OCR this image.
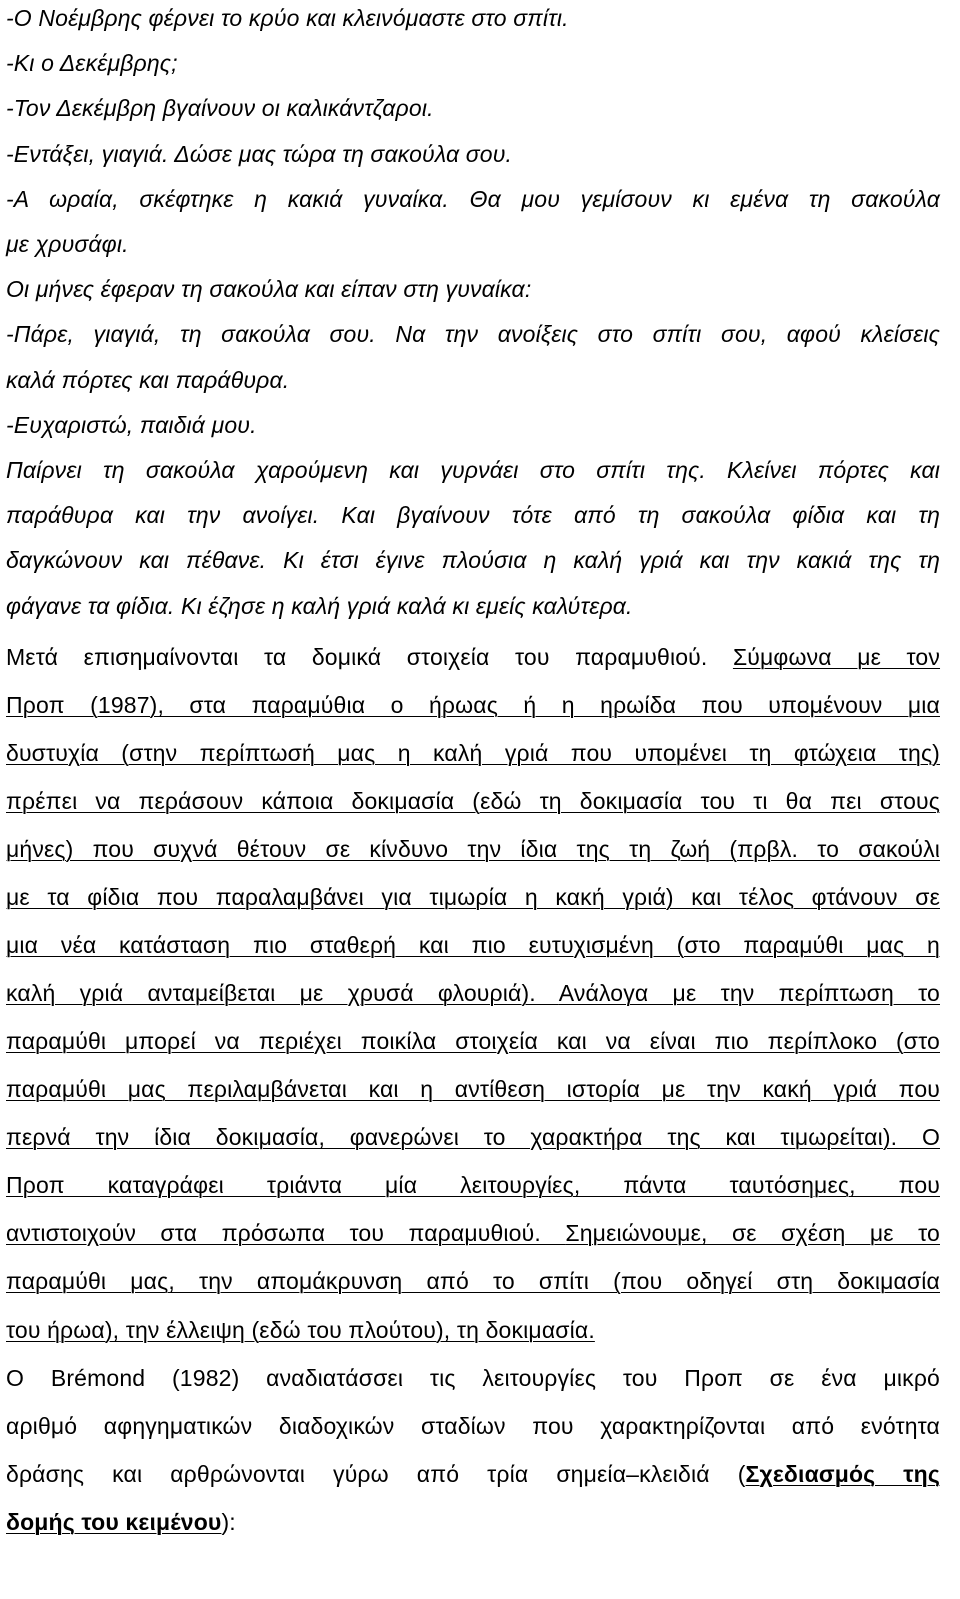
-Ο Νοέμβρης φέρνει το κρύο και κλεινόμαστε στο σπίτι.
-Κι ο Δεκέμβρης;
-Τον Δεκέμβρη βγαίνουν οι καλικάντζαροι.
-Εντάξει, γιαγιά. Δώσε μας τώρα τη σακούλα σου.
-Α ωραία, σκέφτηκε η κακιά γυναίκα. Θα μου γεμίσουν κι εμένα τη σακούλα
με χρυσάφι.
Οι μήνες έφεραν τη σακούλα και είπαν στη γυναίκα:
-Πάρε, γιαγιά, τη σακούλα σου. Να την ανοίξεις στο σπίτι σου, αφού κλείσεις
καλά πόρτες και παράθυρα.
-Ευχαριστώ, παιδιά μου.
Παίρνει τη σακούλα χαρούμενη και γυρνάει στο σπίτι της. Κλείνει πόρτες και
παράθυρα και την ανοίγει. Και βγαίνουν τότε από τη σακούλα φίδια και τη
δαγκώνουν και πέθανε. Κι έτσι έγινε πλούσια η καλή γριά και την κακιά της τη
φάγανε τα φίδια. Κι έζησε η καλή γριά καλά κι εμείς καλύτερα.
Μετά επισημαίνονται τα δομικά στοιχεία του παραμυθιού. Σύμφωνα με τον
Προπ (1987), στα παραμύθια ο ήρωας ή η ηρωίδα που υπομένουν μια
δυστυχία (στην περίπτωσή μας η καλή γριά που υπομένει τη φτώχεια της)
πρέπει να περάσουν κάποια δοκιμασία (εδώ τη δοκιμασία του τι θα πει στους
μήνες) που συχνά θέτουν σε κίνδυνο την ίδια της τη ζωή (πρβλ. το σακούλι
με τα φίδια που παραλαμβάνει για τιμωρία η κακή γριά) και τέλος φτάνουν σε
μια νέα κατάσταση πιο σταθερή και πιο ευτυχισμένη (στο παραμύθι μας η
καλή γριά ανταμείβεται με χρυσά φλουριά). Ανάλογα με την περίπτωση το
παραμύθι μπορεί να περιέχει ποικίλα στοιχεία και να είναι πιο περίπλοκο (στο
παραμύθι μας περιλαμβάνεται και η αντίθεση ιστορία με την κακή γριά που
περνά την ίδια δοκιμασία, φανερώνει το χαρακτήρα της και τιμωρείται). Ο
Προπ καταγράφει τριάντα μία λειτουργίες, πάντα ταυτόσημες, που
αντιστοιχούν στα πρόσωπα του παραμυθιού. Σημειώνουμε, σε σχέση με το
παραμύθι μας, την απομάκρυνση από το σπίτι (που οδηγεί στη δοκιμασία
του ήρωα), την έλλειψη (εδώ του πλούτου), τη δοκιμασία.
Ο Brémond (1982) αναδιατάσσει τις λειτουργίες του Προπ σε ένα μικρό
αριθμό αφηγηματικών διαδοχικών σταδίων που χαρακτηρίζονται από ενότητα
δράσης και αρθρώνονται γύρω από τρία σημεία–κλειδιά (Σχεδιασμός της
δομής του κειμένου):
